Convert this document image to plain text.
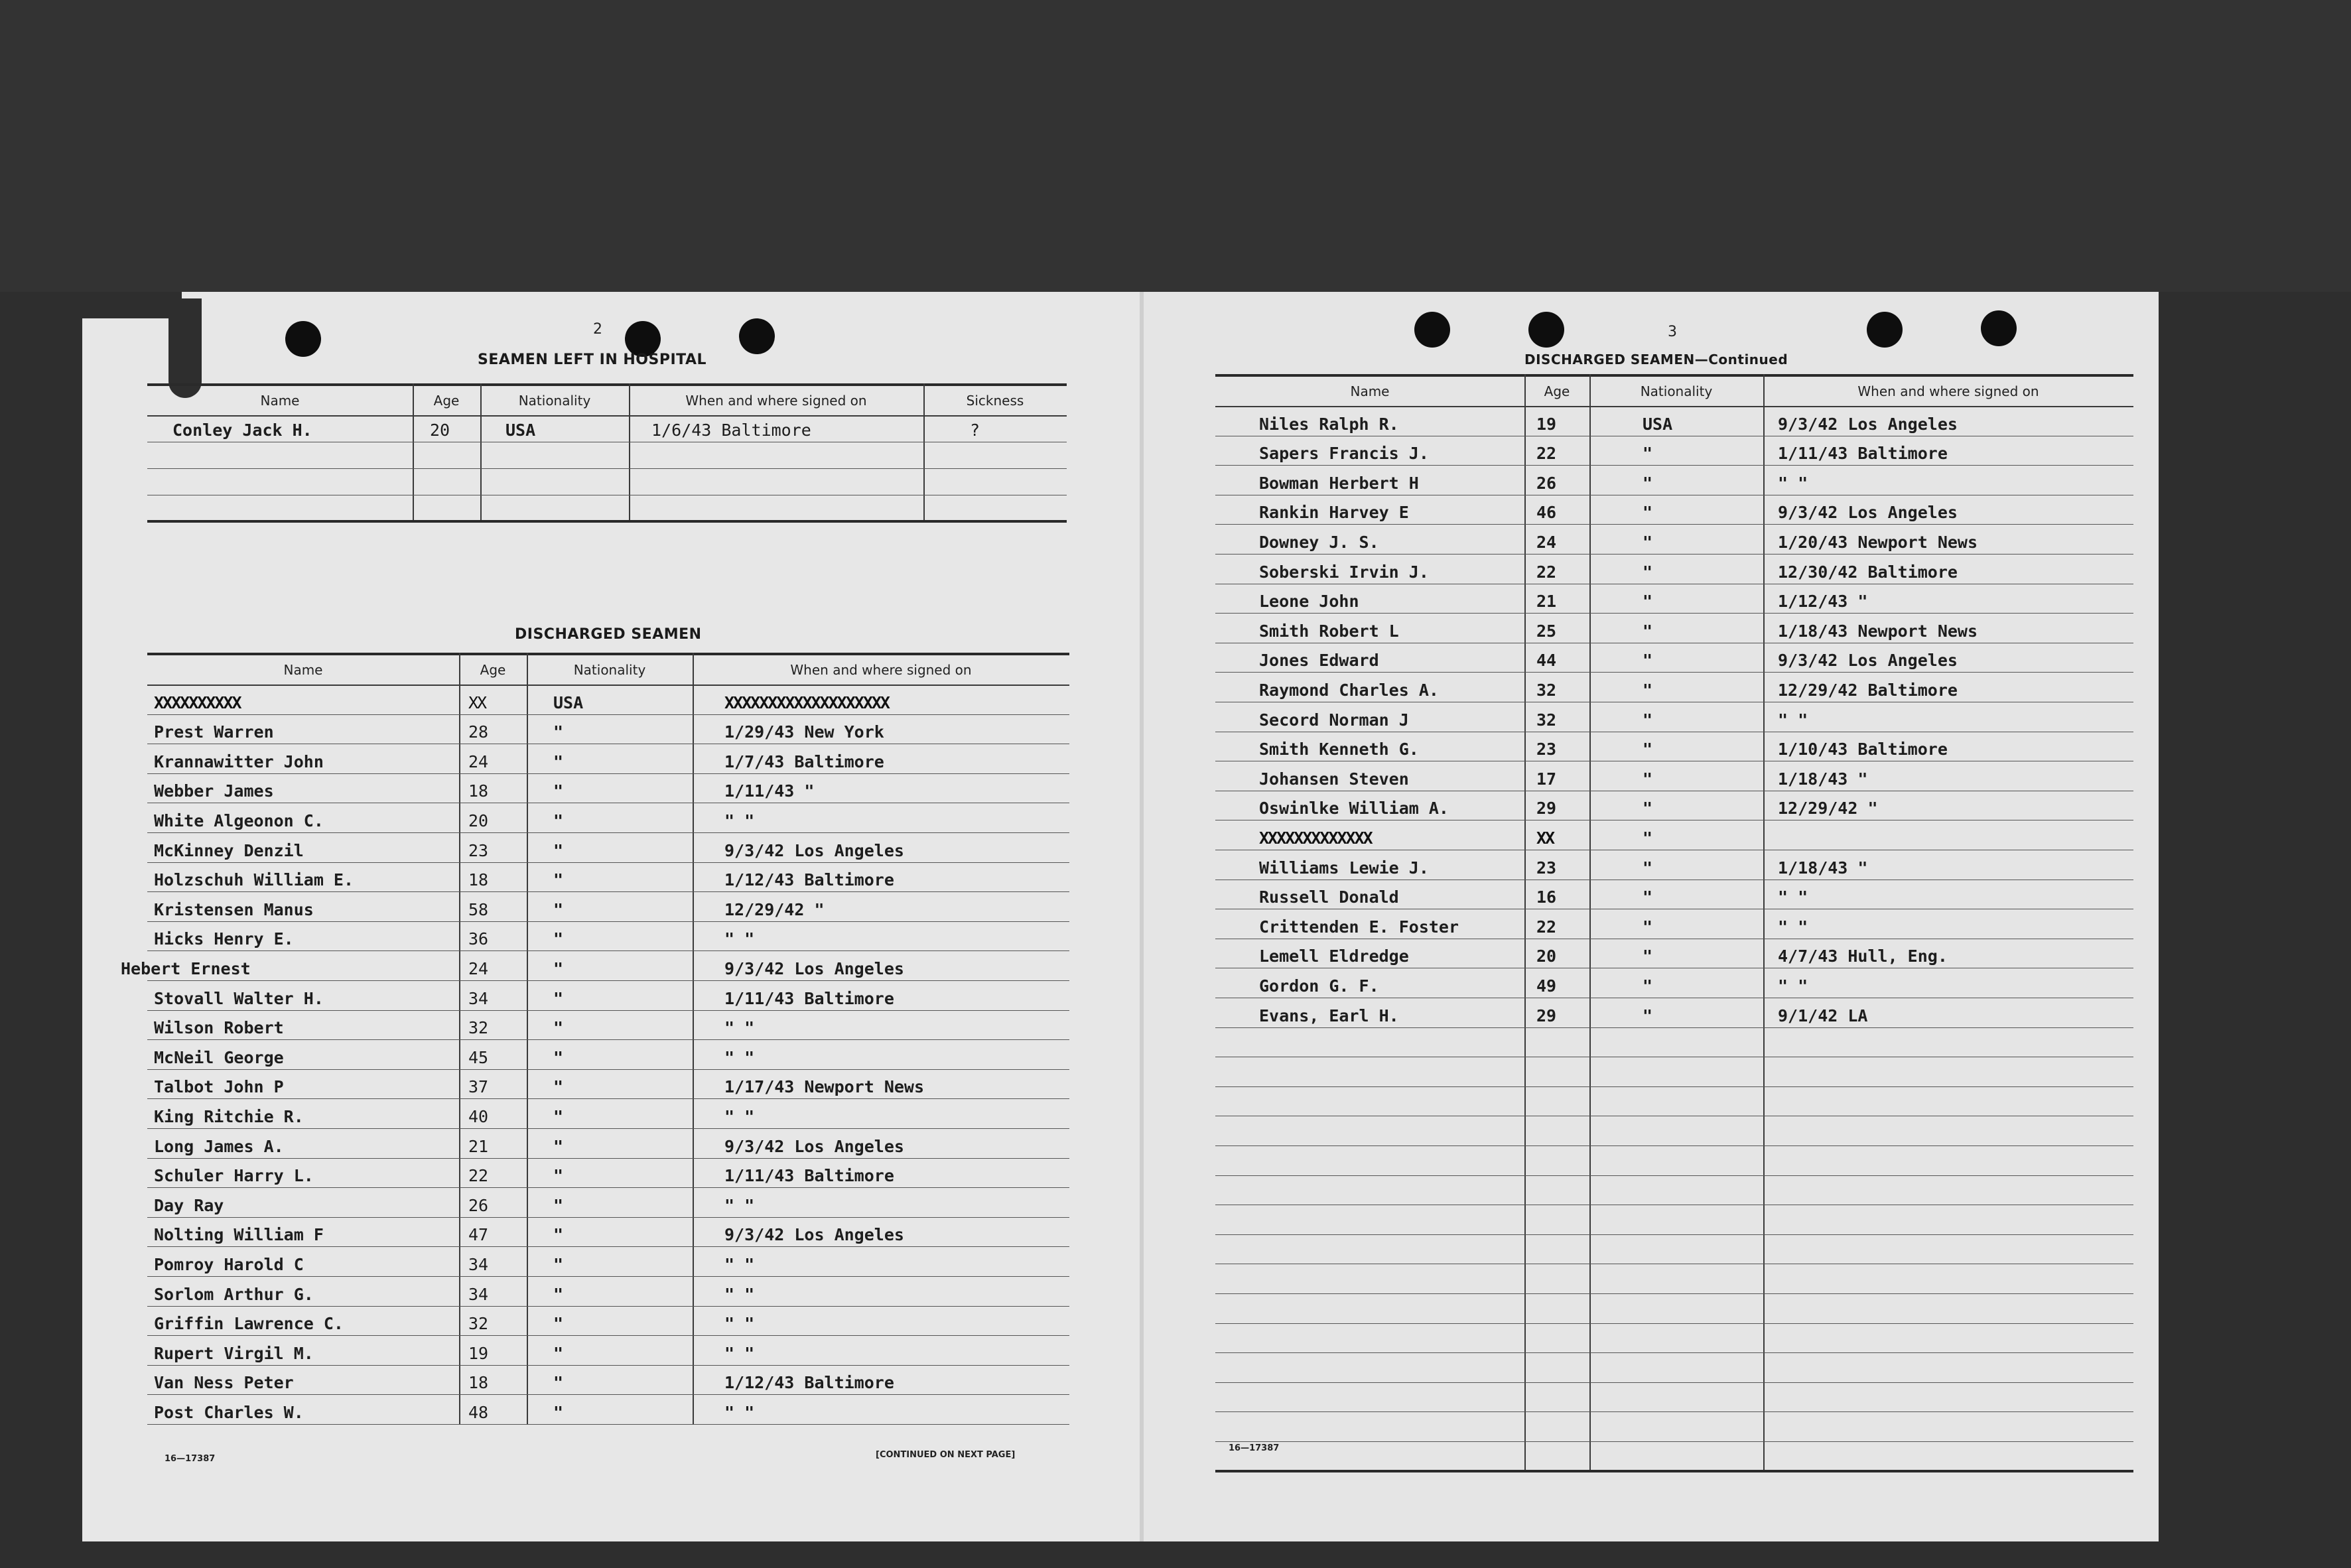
2
SEAMEN LEFT IN HOSPITAL
DISCHARGED SEAMEN
16—17387	[CONTINUED ON NEXT PAGE]
Name	Age	Nationality	When and where signed on	Sickness
Conley Jack H.	20	USA	1/6/43 Baltimore	?
Name	Age	Nationality	When and where signed on
XXXXXXXXXX	XX	USA	XXXXXXXXXXXXXXXXXXX
Prest Warren	28	"	1/29/43 New York
Krannawitter John	24	"	1/7/43 Baltimore
Webber James	18	"	1/11/43 "
White Algeonon C.	20	"	" "
McKinney Denzil	23	"	9/3/42 Los Angeles
Holzschuh William E.	18	"	1/12/43 Baltimore
Kristensen Manus	58	"	12/29/42 "
Hicks Henry E.	36	"	" "
Hebert Ernest	24	"	9/3/42 Los Angeles
Stovall Walter H.	34	"	1/11/43 Baltimore
Wilson Robert	32	"	" "
McNeil George	45	"	" "
Talbot John P	37	"	1/17/43 Newport News
King Ritchie R.	40	"	" "
Long James A.	21	"	9/3/42 Los Angeles
Schuler Harry L.	22	"	1/11/43 Baltimore
Day Ray	26	"	" "
Nolting William F	47	"	9/3/42 Los Angeles
Pomroy Harold C	34	"	" "
Sorlom Arthur G.	34	"	" "
Griffin Lawrence C.	32	"	" "
Rupert Virgil M.	19	"	" "
Van Ness Peter	18	"	1/12/43 Baltimore
Post Charles W.	48	"	" "
3
DISCHARGED SEAMEN—Continued
16—17387
Name	Age	Nationality	When and where signed on
Niles Ralph R.	19	USA	9/3/42 Los Angeles
Sapers Francis J.	22	"	1/11/43 Baltimore
Bowman Herbert H	26	"	" "
Rankin Harvey E	46	"	9/3/42 Los Angeles
Downey J. S.	24	"	1/20/43 Newport News
Soberski Irvin J.	22	"	12/30/42 Baltimore
Leone John	21	"	1/12/43 "
Smith Robert L	25	"	1/18/43 Newport News
Jones Edward	44	"	9/3/42 Los Angeles
Raymond Charles A.	32	"	12/29/42 Baltimore
Secord Norman J	32	"	" "
Smith Kenneth G.	23	"	1/10/43 Baltimore
Johansen Steven	17	"	1/18/43 "
Oswinlke William A.	29	"	12/29/42 "
XXXXXXXXXXXXX	XX	"
Williams Lewie J.	23	"	1/18/43 "
Russell Donald	16	"	" "
Crittenden E. Foster	22	"	" "
Lemell Eldredge	20	"	4/7/43 Hull, Eng.
Gordon G. F.	49	"	" "
Evans, Earl H.	29	"	9/1/42 LA
